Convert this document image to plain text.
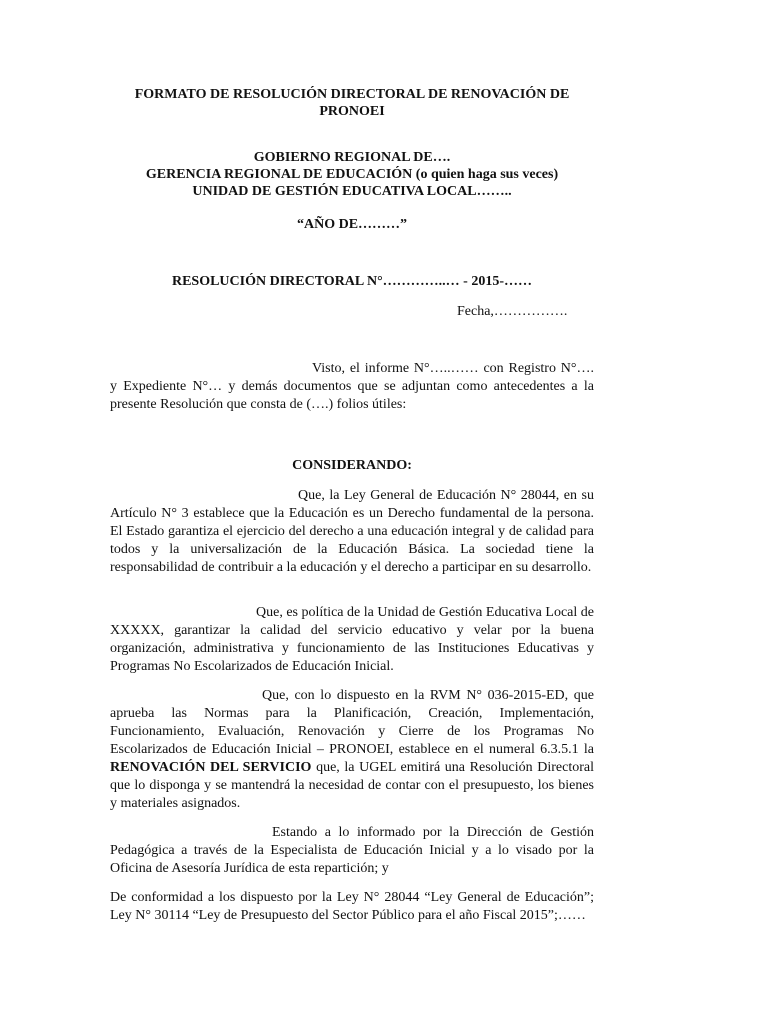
FORMATO DE RESOLUCIÓN DIRECTORAL DE RENOVACIÓN DE
PRONOEI
GOBIERNO REGIONAL DE….
GERENCIA REGIONAL DE EDUCACIÓN (o quien haga sus veces)
UNIDAD DE GESTIÓN EDUCATIVA LOCAL……..
“AÑO DE………”
RESOLUCIÓN DIRECTORAL N°…………..… - 2015-……
Fecha,…………….
Visto, el informe N°…..…… con Registro N°…. y Expediente N°… y demás documentos que se adjuntan como antecedentes a la presente Resolución que consta de (….) folios útiles:
CONSIDERANDO:
Que, la Ley General de Educación N° 28044, en su Artículo N° 3 establece que la Educación es un Derecho fundamental de la persona. El Estado garantiza el ejercicio del derecho a una educación integral y de calidad para todos y la universalización de la Educación Básica. La sociedad tiene la responsabilidad de contribuir a la educación y el derecho a participar en su desarrollo.
Que, es política de la Unidad de Gestión Educativa Local de XXXXX, garantizar la calidad del servicio educativo y velar por la buena organización, administrativa y funcionamiento de las Instituciones Educativas y Programas No Escolarizados de Educación Inicial.
Que, con lo dispuesto en la RVM N° 036-2015-ED, que aprueba las Normas para la Planificación, Creación, Implementación, Funcionamiento, Evaluación, Renovación y Cierre de los Programas No Escolarizados de Educación Inicial – PRONOEI, establece en el numeral 6.3.5.1 la RENOVACIÓN DEL SERVICIO que, la UGEL emitirá una Resolución Directoral que lo disponga y se mantendrá la necesidad de contar con el presupuesto, los bienes y materiales asignados.
Estando a lo informado por la Dirección de Gestión Pedagógica a través de la Especialista de Educación Inicial y a lo visado por la Oficina de Asesoría Jurídica de esta repartición; y
De conformidad a los dispuesto por la Ley N° 28044 “Ley General de Educación”; Ley N° 30114 “Ley de Presupuesto del Sector Público para el año Fiscal 2015”;……
